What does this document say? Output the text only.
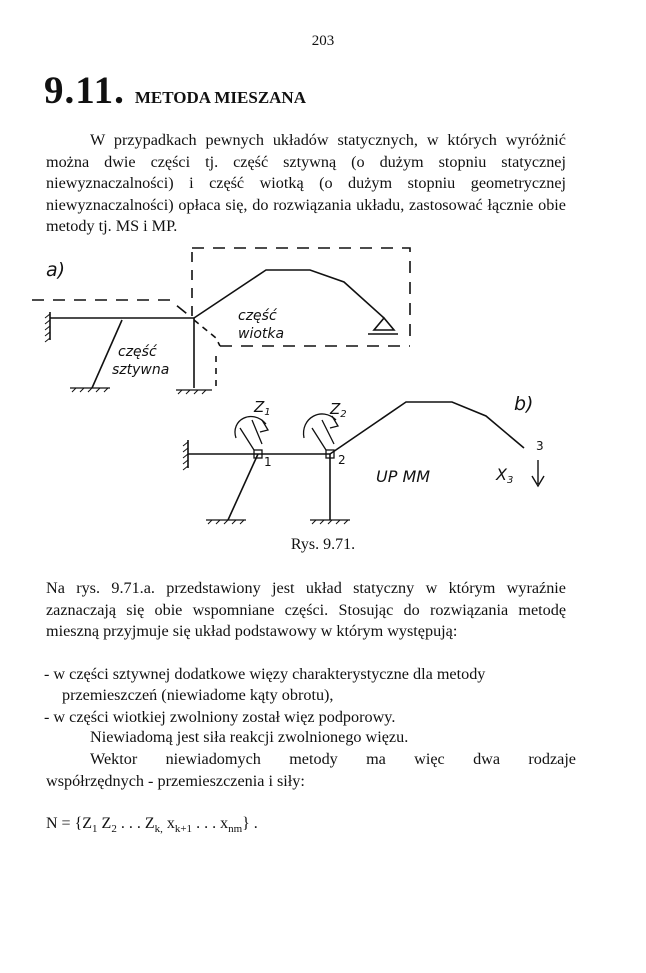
203
9.11. METODA MIESZANA
W przypadkach pewnych układów statycznych, w których wyróżnić można dwie części tj. część sztywną (o dużym stopniu statycznej niewyznaczalności) i część wiotką (o dużym stopniu geometrycznej niewyznaczalności) opłaca się, do rozwiązania układu, zastosować łącznie obie metody tj. MS i MP.
a)
część
sztywna
część
wiotka
b)
$Z_1$	$Z_2$
1	2
3
UP MM	X3
Rys. 9.71.
Na rys. 9.71.a. przedstawiony jest układ statyczny w którym wyraźnie zaznaczają się obie wspomniane części. Stosując do rozwiązania metodę mieszną przyjmuje się układ podstawowy w którym występują:
- w części sztywnej dodatkowe więzy charakterystyczne dla metody
przemieszczeń (niewiadome kąty obrotu),
- w części wiotkiej zwolniony został więz podporowy.
Niewiadomą jest siła reakcji zwolnionego więzu.
Wektor niewiadomych metody ma więc dwa rodzaje
współrzędnych - przemieszczenia i siły:
$N = \{Z_1$ $Z_2$ . . . $Z_{k,}$ $x_{k+1}$ . . . $x_{nm}$} .
